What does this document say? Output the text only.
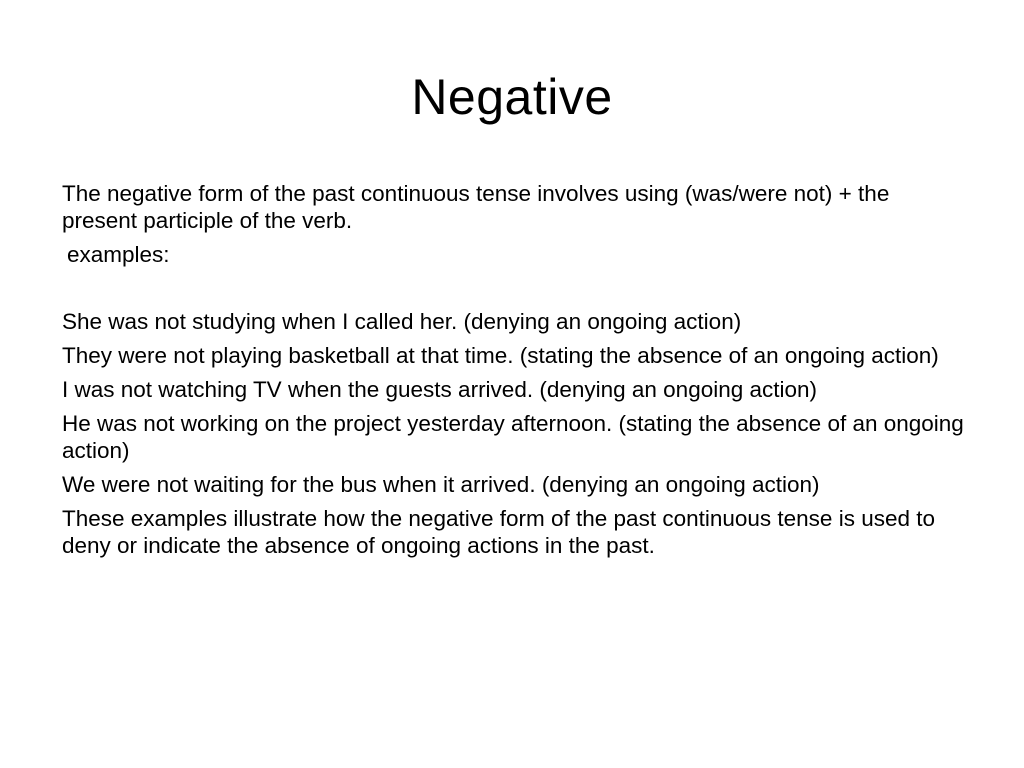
Negative

The negative form of the past continuous tense involves using (was/were not) + the present participle of the verb.

examples:

She was not studying when I called her. (denying an ongoing action)

They were not playing basketball at that time. (stating the absence of an ongoing action)

I was not watching TV when the guests arrived. (denying an ongoing action)

He was not working on the project yesterday afternoon. (stating the absence of an ongoing action)

We were not waiting for the bus when it arrived. (denying an ongoing action)

These examples illustrate how the negative form of the past continuous tense is used to deny or indicate the absence of ongoing actions in the past.
